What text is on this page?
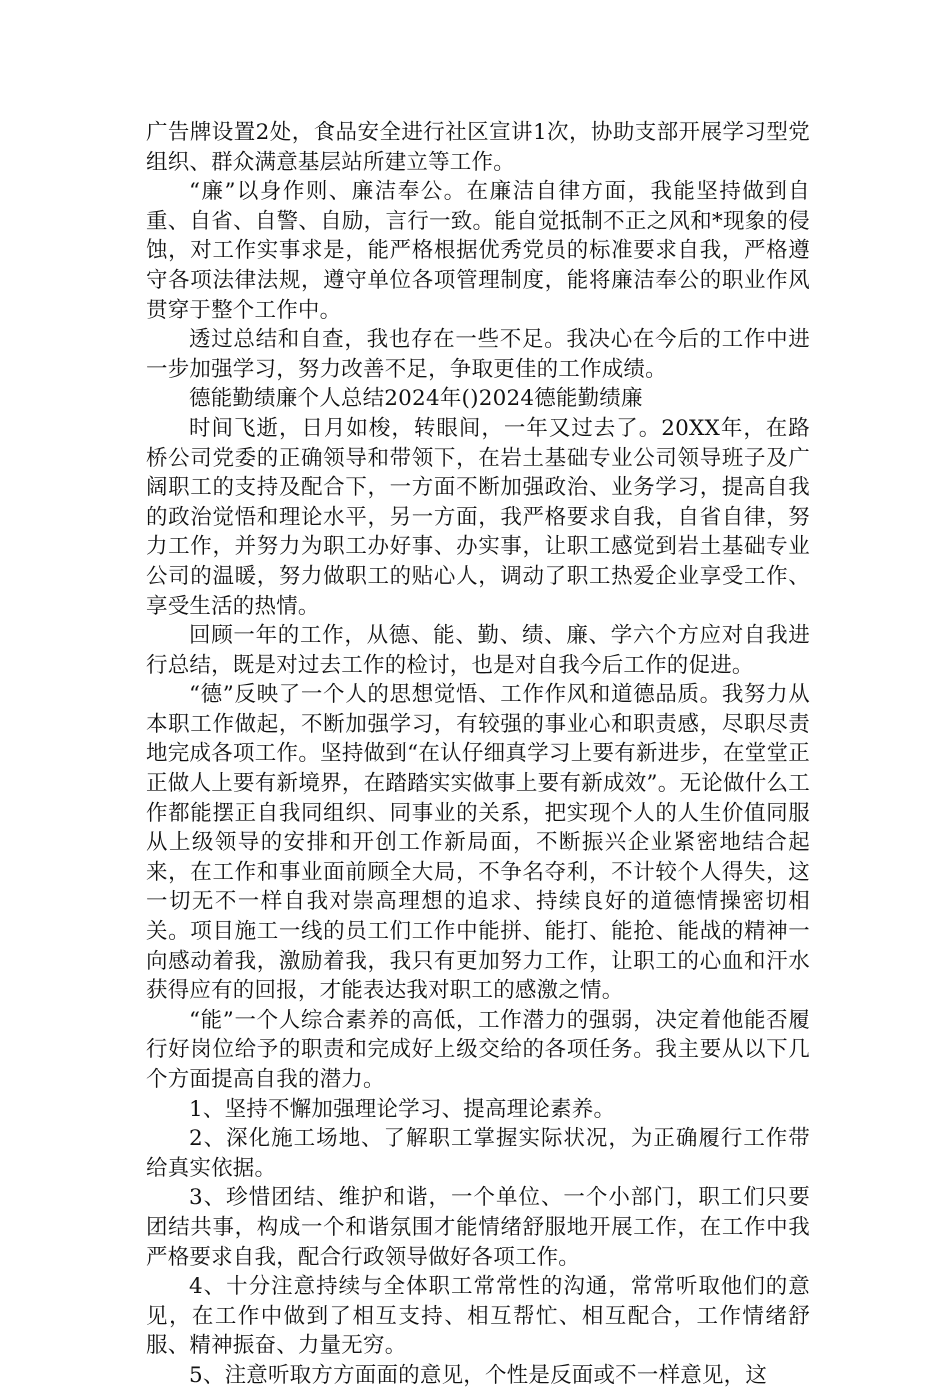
广告牌设置2处，食品安全进行社区宣讲1次，协助支部开展学习型党组织、群众满意基层站所建立等工作。

“廉”以身作则、廉洁奉公。在廉洁自律方面，我能坚持做到自重、自省、自警、自励，言行一致。能自觉抵制不正之风和*现象的侵蚀，对工作实事求是，能严格根据优秀党员的标准要求自我，严格遵守各项法律法规，遵守单位各项管理制度，能将廉洁奉公的职业作风贯穿于整个工作中。

透过总结和自查，我也存在一些不足。我决心在今后的工作中进一步加强学习，努力改善不足，争取更佳的工作成绩。

德能勤绩廉个人总结2024年()2024德能勤绩廉

时间飞逝，日月如梭，转眼间，一年又过去了。20XX年，在路桥公司党委的正确领导和带领下，在岩土基础专业公司领导班子及广阔职工的支持及配合下，一方面不断加强政治、业务学习，提高自我的政治觉悟和理论水平，另一方面，我严格要求自我，自省自律，努力工作，并努力为职工办好事、办实事，让职工感觉到岩土基础专业公司的温暖，努力做职工的贴心人，调动了职工热爱企业享受工作、享受生活的热情。

回顾一年的工作，从德、能、勤、绩、廉、学六个方应对自我进行总结，既是对过去工作的检讨，也是对自我今后工作的促进。

“德”反映了一个人的思想觉悟、工作作风和道德品质。我努力从本职工作做起，不断加强学习，有较强的事业心和职责感，尽职尽责地完成各项工作。坚持做到“在认仔细真学习上要有新进步，在堂堂正正做人上要有新境界，在踏踏实实做事上要有新成效”。无论做什么工作都能摆正自我同组织、同事业的关系，把实现个人的人生价值同服从上级领导的安排和开创工作新局面，不断振兴企业紧密地结合起来，在工作和事业面前顾全大局，不争名夺利，不计较个人得失，这一切无不一样自我对崇高理想的追求、持续良好的道德情操密切相关。项目施工一线的员工们工作中能拼、能打、能抢、能战的精神一向感动着我，激励着我，我只有更加努力工作，让职工的心血和汗水获得应有的回报，才能表达我对职工的感激之情。

“能”一个人综合素养的高低，工作潜力的强弱，决定着他能否履行好岗位给予的职责和完成好上级交给的各项任务。我主要从以下几个方面提高自我的潜力。

1、坚持不懈加强理论学习、提高理论素养。

2、深化施工场地、了解职工掌握实际状况，为正确履行工作带给真实依据。

3、珍惜团结、维护和谐，一个单位、一个小部门，职工们只要团结共事，构成一个和谐氛围才能情绪舒服地开展工作，在工作中我严格要求自我，配合行政领导做好各项工作。

4、十分注意持续与全体职工常常性的沟通，常常听取他们的意见，在工作中做到了相互支持、相互帮忙、相互配合，工作情绪舒服、精神振奋、力量无穷。

5、注意听取方方面面的意见，个性是反面或不一样意见，这
